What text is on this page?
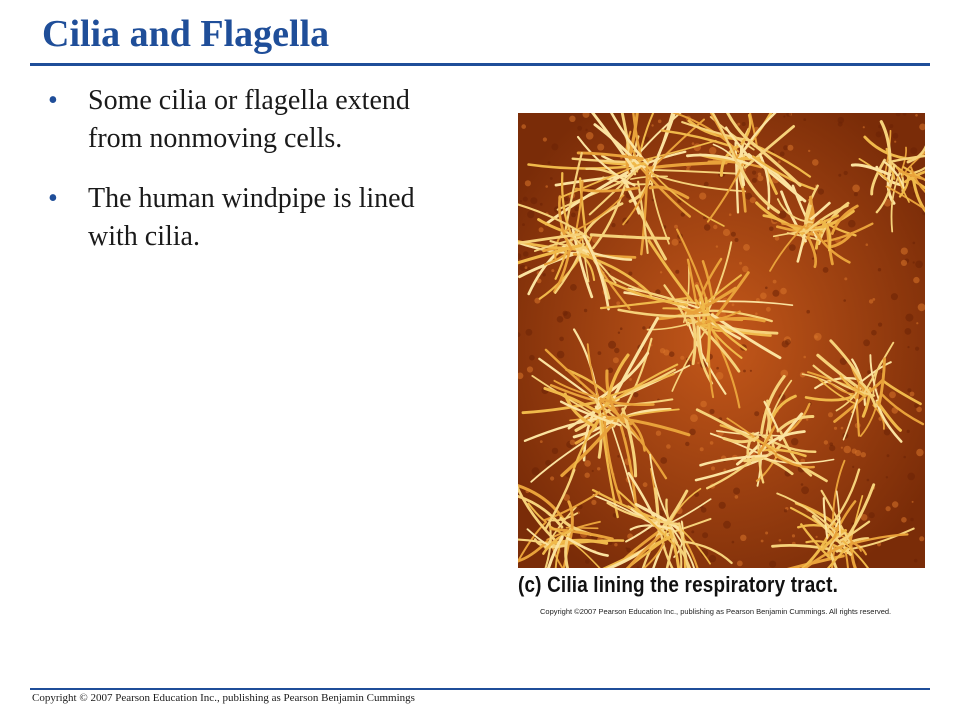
Cilia and Flagella
• Some cilia or flagella extend from nonmoving cells.
• The human windpipe is lined with cilia.
(c) Cilia lining the respiratory tract.
Copyright ©2007 Pearson Education Inc., publishing as Pearson Benjamin Cummings. All rights reserved.
Copyright © 2007 Pearson Education Inc., publishing as Pearson Benjamin Cummings
